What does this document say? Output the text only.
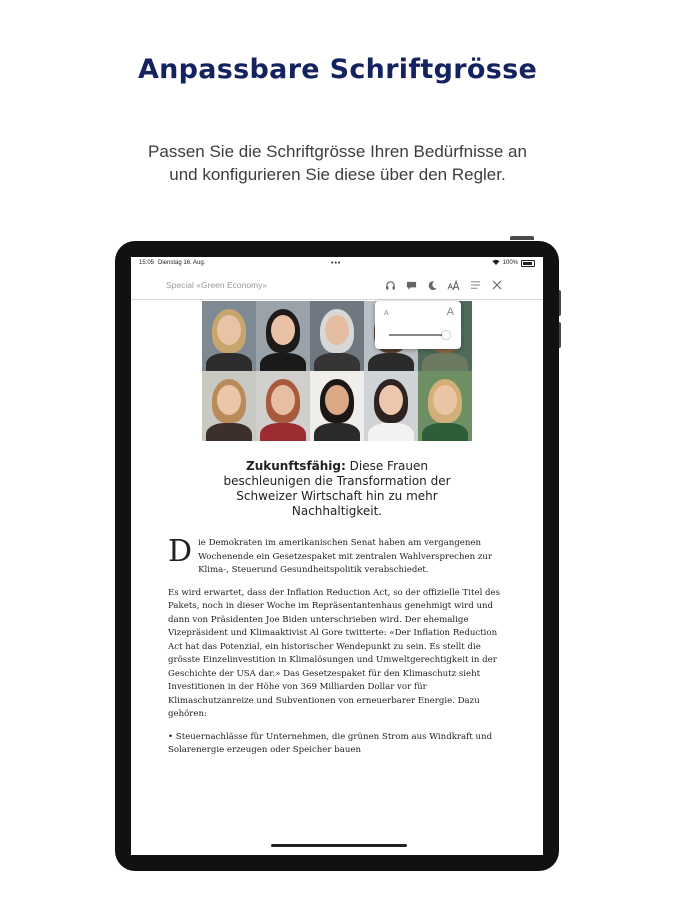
Anpassbare Schriftgrösse
Passen Sie die Schriftgrösse Ihren Bedürfnisse an
und konfigurieren Sie diese über den Regler.
15:05 Dienstag 16. Aug.	•••	100%
Special «Green Economy»
A	A
Zukunftsfähig: Diese Frauen beschleunigen die Transformation der Schweizer Wirtschaft hin zu mehr Nachhaltigkeit.

Die Demokraten im amerikanischen Senat haben am vergangenen Wochenende ein Gesetzespaket mit zentralen Wahlversprechen zur Klima-, Steuerund Gesundheitspolitik verabschiedet.

Es wird erwartet, dass der Inflation Reduction Act, so der offizielle Titel des Pakets, noch in dieser Woche im Repräsentantenhaus genehmigt wird und dann von Präsidenten Joe Biden unterschrieben wird. Der ehemalige Vizepräsident und Klimaaktivist Al Gore twitterte: «Der Inflation Reduction Act hat das Potenzial, ein historischer Wendepunkt zu sein. Es stellt die grösste Einzelinvestition in Klimalösungen und Umweltgerechtigkeit in der Geschichte der USA dar.» Das Gesetzespaket für den Klimaschutz sieht Investitionen in der Höhe von 369 Milliarden Dollar vor für Klimaschutzanreize und Subventionen von erneuerbarer Energie. Dazu gehören:

• Steuernachlässe für Unternehmen, die grünen Strom aus Windkraft und Solarenergie erzeugen oder Speicher bauen
